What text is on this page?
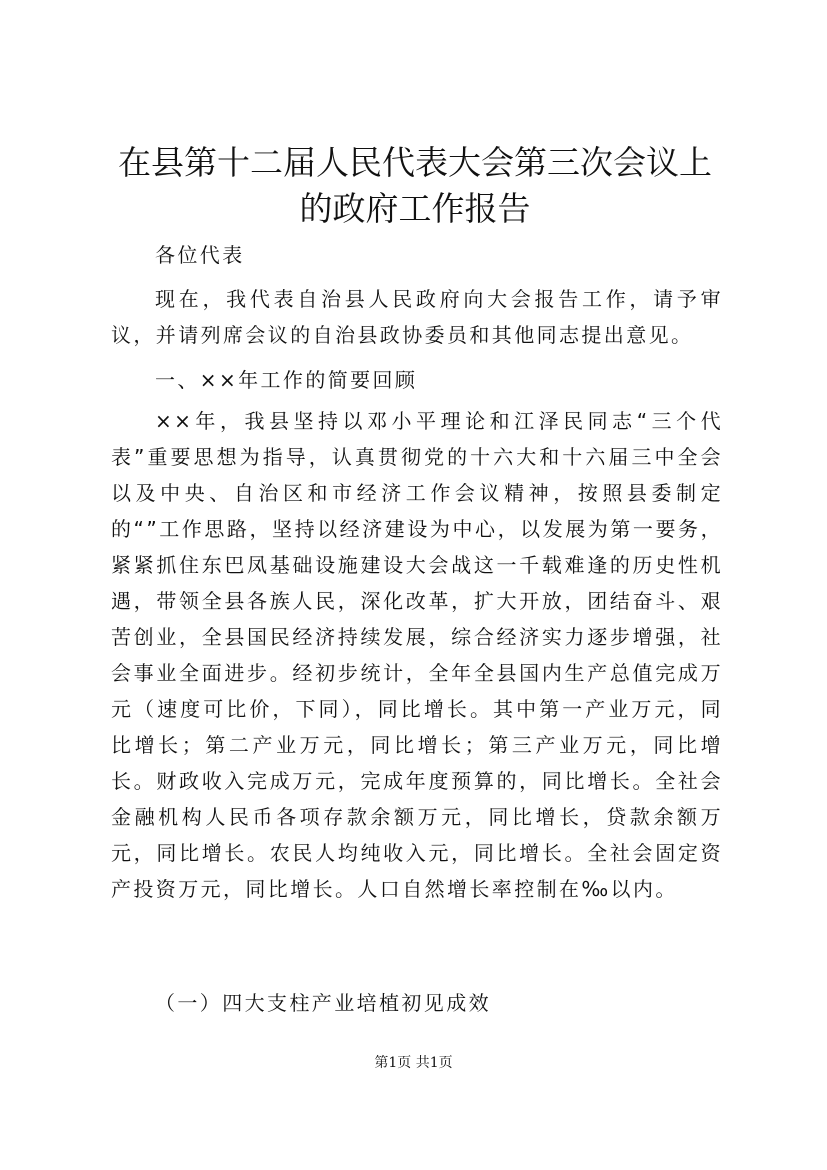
在县第十二届人民代表大会第三次会议上的政府工作报告
各位代表
现在，我代表自治县人民政府向大会报告工作，请予审议，并请列席会议的自治县政协委员和其他同志提出意见。
一、××年工作的简要回顾
××年，我县坚持以邓小平理论和江泽民同志“三个代表”重要思想为指导，认真贯彻党的十六大和十六届三中全会以及中央、自治区和市经济工作会议精神，按照县委制定的“”工作思路，坚持以经济建设为中心，以发展为第一要务，紧紧抓住东巴凤基础设施建设大会战这一千载难逢的历史性机遇，带领全县各族人民，深化改革，扩大开放，团结奋斗、艰苦创业，全县国民经济持续发展，综合经济实力逐步增强，社会事业全面进步。经初步统计，全年全县国内生产总值完成万元（速度可比价，下同），同比增长。其中第一产业万元，同比增长；第二产业万元，同比增长；第三产业万元，同比增长。财政收入完成万元，完成年度预算的，同比增长。全社会金融机构人民币各项存款余额万元，同比增长，贷款余额万元，同比增长。农民人均纯收入元，同比增长。全社会固定资产投资万元，同比增长。人口自然增长率控制在‰以内。
（一）四大支柱产业培植初见成效
第1页 共1页
